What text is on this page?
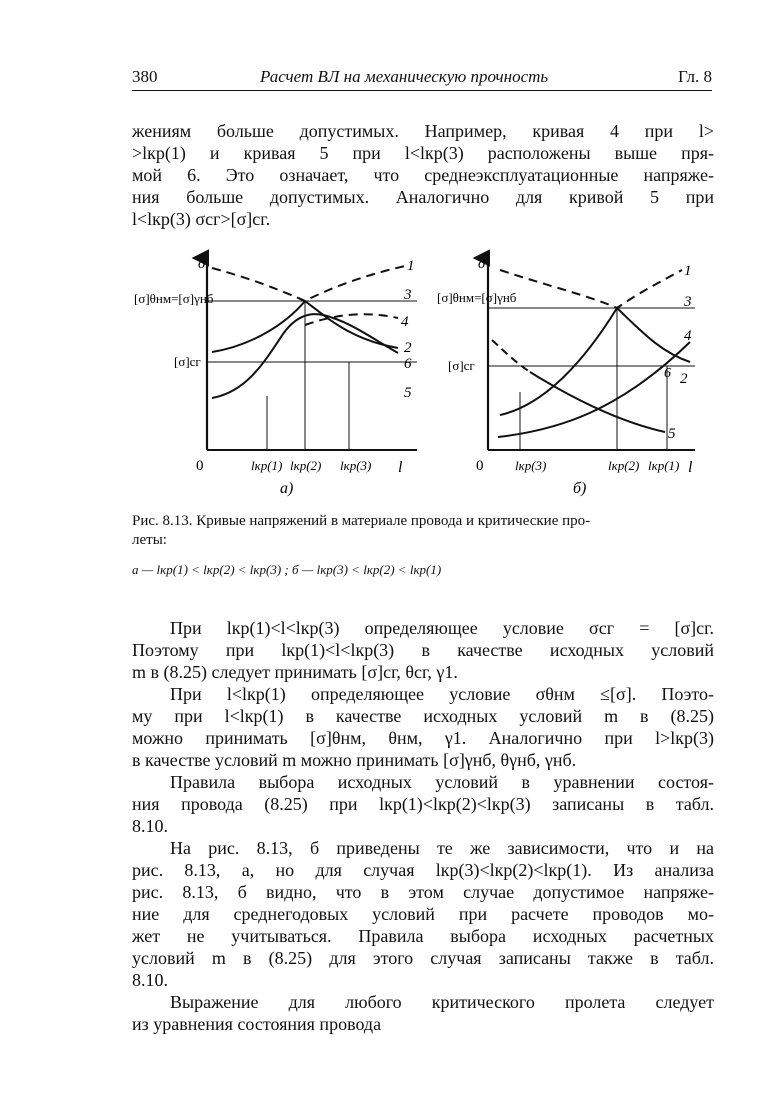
380	Расчет ВЛ на механическую прочность	Гл. 8
жениям больше допустимых. Например, кривая 4 при l>
>lкр(1) и кривая 5 при l<lкр(3) расположены выше пря-
мой 6. Это означает, что среднеэксплуатационные напряже-
ния больше допустимых. Аналогично для кривой 5 при
l<lкр(3) σсг>[σ]сг.
σ
[σ]θнм=[σ]γнб
[σ]сг
0	l
lкр(1) lкр(2) lкр(3)
1
2
3
4
5
6
а)
σ
[σ]θнм=[σ]γнб
[σ]сг
0	l
lкр(3)	lкр(2) lкр(1)
1
3
4
6 2
5
б)
Рис. 8.13. Кривые напряжений в материале провода и критические про-
леты:
а — lкр(1) < lкр(2) < lкр(3) ; б — lкр(3) < lкр(2) < lкр(1)
При lкр(1)<l<lкр(3) определяющее условие σсг = [σ]сг.
Поэтому при lкр(1)<l<lкр(3) в качестве исходных условий
m в (8.25) следует принимать [σ]сг, θсг, γ1.
При l<lкр(1) определяющее условие σθнм ≤[σ]. Поэто-
му при l<lкр(1) в качестве исходных условий m в (8.25)
можно принимать [σ]θнм, θнм, γ1. Аналогично при l>lкр(3)
в качестве условий m можно принимать [σ]γнб, θγнб, γнб.
Правила выбора исходных условий в уравнении состоя-
ния провода (8.25) при lкр(1)<lкр(2)<lкр(3) записаны в табл.
8.10.
На рис. 8.13, б приведены те же зависимости, что и на
рис. 8.13, а, но для случая lкр(3)<lкр(2)<lкр(1). Из анализа
рис. 8.13, б видно, что в этом случае допустимое напряже-
ние для среднегодовых условий при расчете проводов мо-
жет не учитываться. Правила выбора исходных расчетных
условий m в (8.25) для этого случая записаны также в табл.
8.10.
Выражение для любого критического пролета следует
из уравнения состояния провода
